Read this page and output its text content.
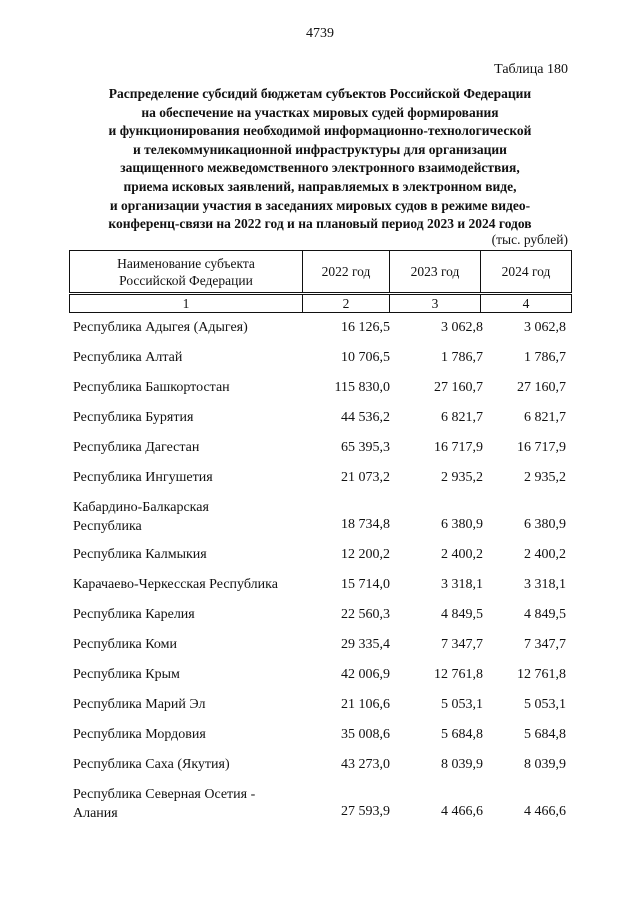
4739
Таблица 180
Распределение субсидий бюджетам субъектов Российской Федерации
на обеспечение на участках мировых судей формирования
и функционирования необходимой информационно-технологической
и телекоммуникационной инфраструктуры для организации
защищенного межведомственного электронного взаимодействия,
приема исковых заявлений, направляемых в электронном виде,
и организации участия в заседаниях мировых судов в режиме видео-
конференц-связи на 2022 год и на плановый период 2023 и 2024 годов
(тыс. рублей)
Наименование субъекта
Российской Федерации	2022 год	2023 год	2024 год
1	2	3	4
Республика Адыгея (Адыгея)	16 126,5	3 062,8	3 062,8
Республика Алтай	10 706,5	1 786,7	1 786,7
Республика Башкортостан	115 830,0	27 160,7	27 160,7
Республика Бурятия	44 536,2	6 821,7	6 821,7
Республика Дагестан	65 395,3	16 717,9	16 717,9
Республика Ингушетия	21 073,2	2 935,2	2 935,2
Кабардино-Балкарская
Республика	18 734,8	6 380,9	6 380,9
Республика Калмыкия	12 200,2	2 400,2	2 400,2
Карачаево-Черкесская Республика	15 714,0	3 318,1	3 318,1
Республика Карелия	22 560,3	4 849,5	4 849,5
Республика Коми	29 335,4	7 347,7	7 347,7
Республика Крым	42 006,9	12 761,8	12 761,8
Республика Марий Эл	21 106,6	5 053,1	5 053,1
Республика Мордовия	35 008,6	5 684,8	5 684,8
Республика Саха (Якутия)	43 273,0	8 039,9	8 039,9
Республика Северная Осетия -
Алания	27 593,9	4 466,6	4 466,6
